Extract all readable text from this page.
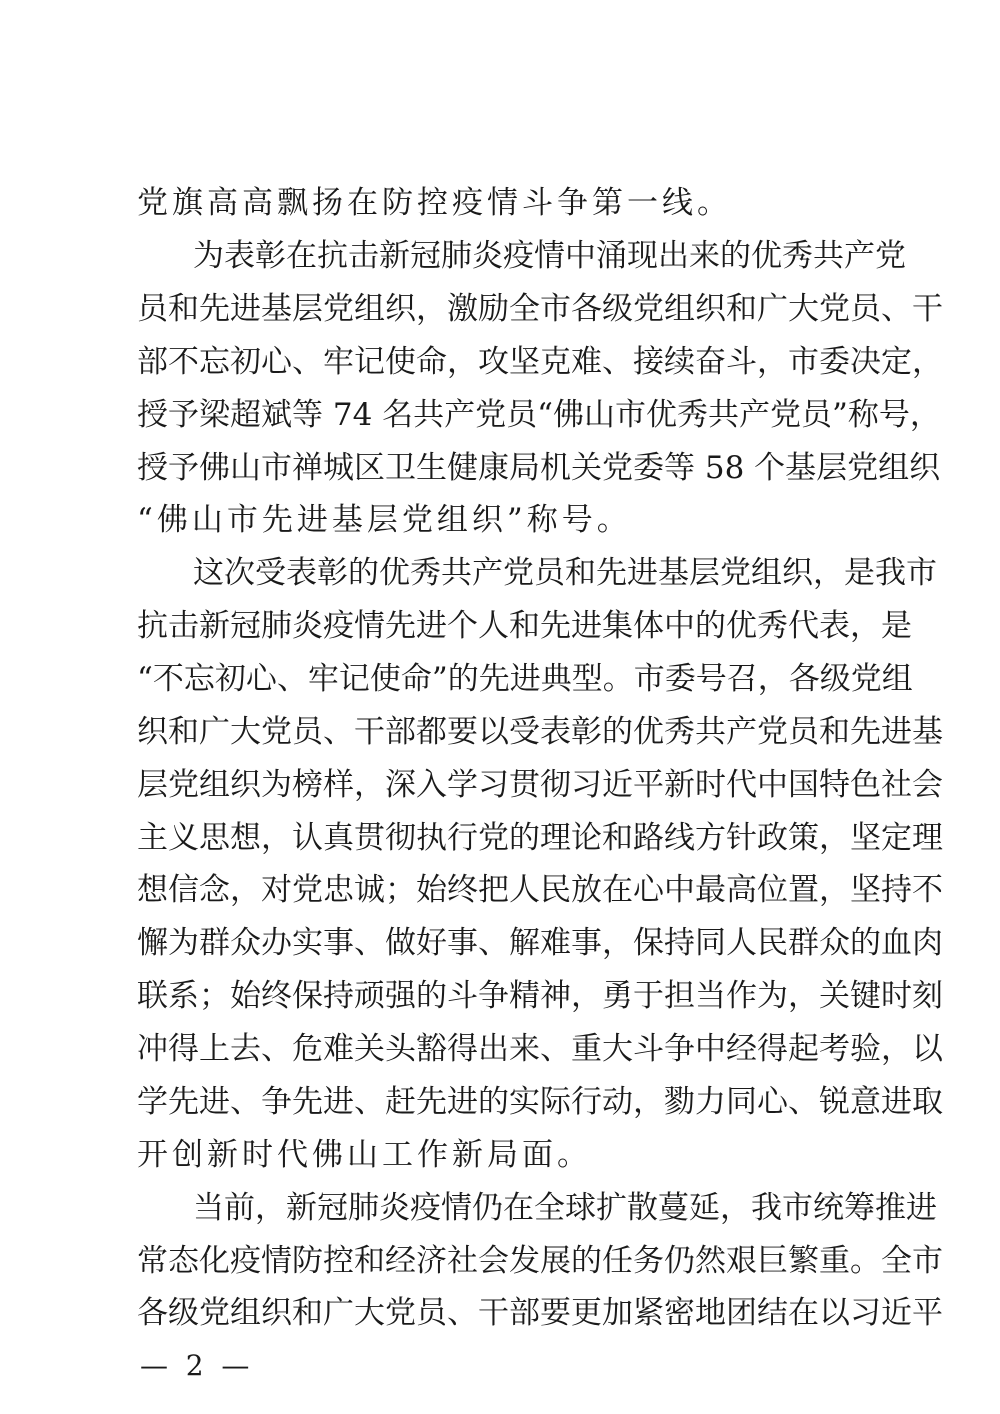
党旗高高飘扬在防控疫情斗争第一线。
为表彰在抗击新冠肺炎疫情中涌现出来的优秀共产党
员和先进基层党组织，激励全市各级党组织和广大党员、干
部不忘初心、牢记使命，攻坚克难、接续奋斗，市委决定，
授予梁超斌等 74 名共产党员“佛山市优秀共产党员”称号，
授予佛山市禅城区卫生健康局机关党委等 58 个基层党组织
“佛山市先进基层党组织”称号。
这次受表彰的优秀共产党员和先进基层党组织，是我市
抗击新冠肺炎疫情先进个人和先进集体中的优秀代表，是
“不忘初心、牢记使命”的先进典型。市委号召，各级党组
织和广大党员、干部都要以受表彰的优秀共产党员和先进基
层党组织为榜样，深入学习贯彻习近平新时代中国特色社会
主义思想，认真贯彻执行党的理论和路线方针政策，坚定理
想信念，对党忠诚；始终把人民放在心中最高位置，坚持不
懈为群众办实事、做好事、解难事，保持同人民群众的血肉
联系；始终保持顽强的斗争精神，勇于担当作为，关键时刻
冲得上去、危难关头豁得出来、重大斗争中经得起考验，以
学先进、争先进、赶先进的实际行动，勠力同心、锐意进取
开创新时代佛山工作新局面。
当前，新冠肺炎疫情仍在全球扩散蔓延，我市统筹推进
常态化疫情防控和经济社会发展的任务仍然艰巨繁重。全市
各级党组织和广大党员、干部要更加紧密地团结在以习近平
—  2  —
